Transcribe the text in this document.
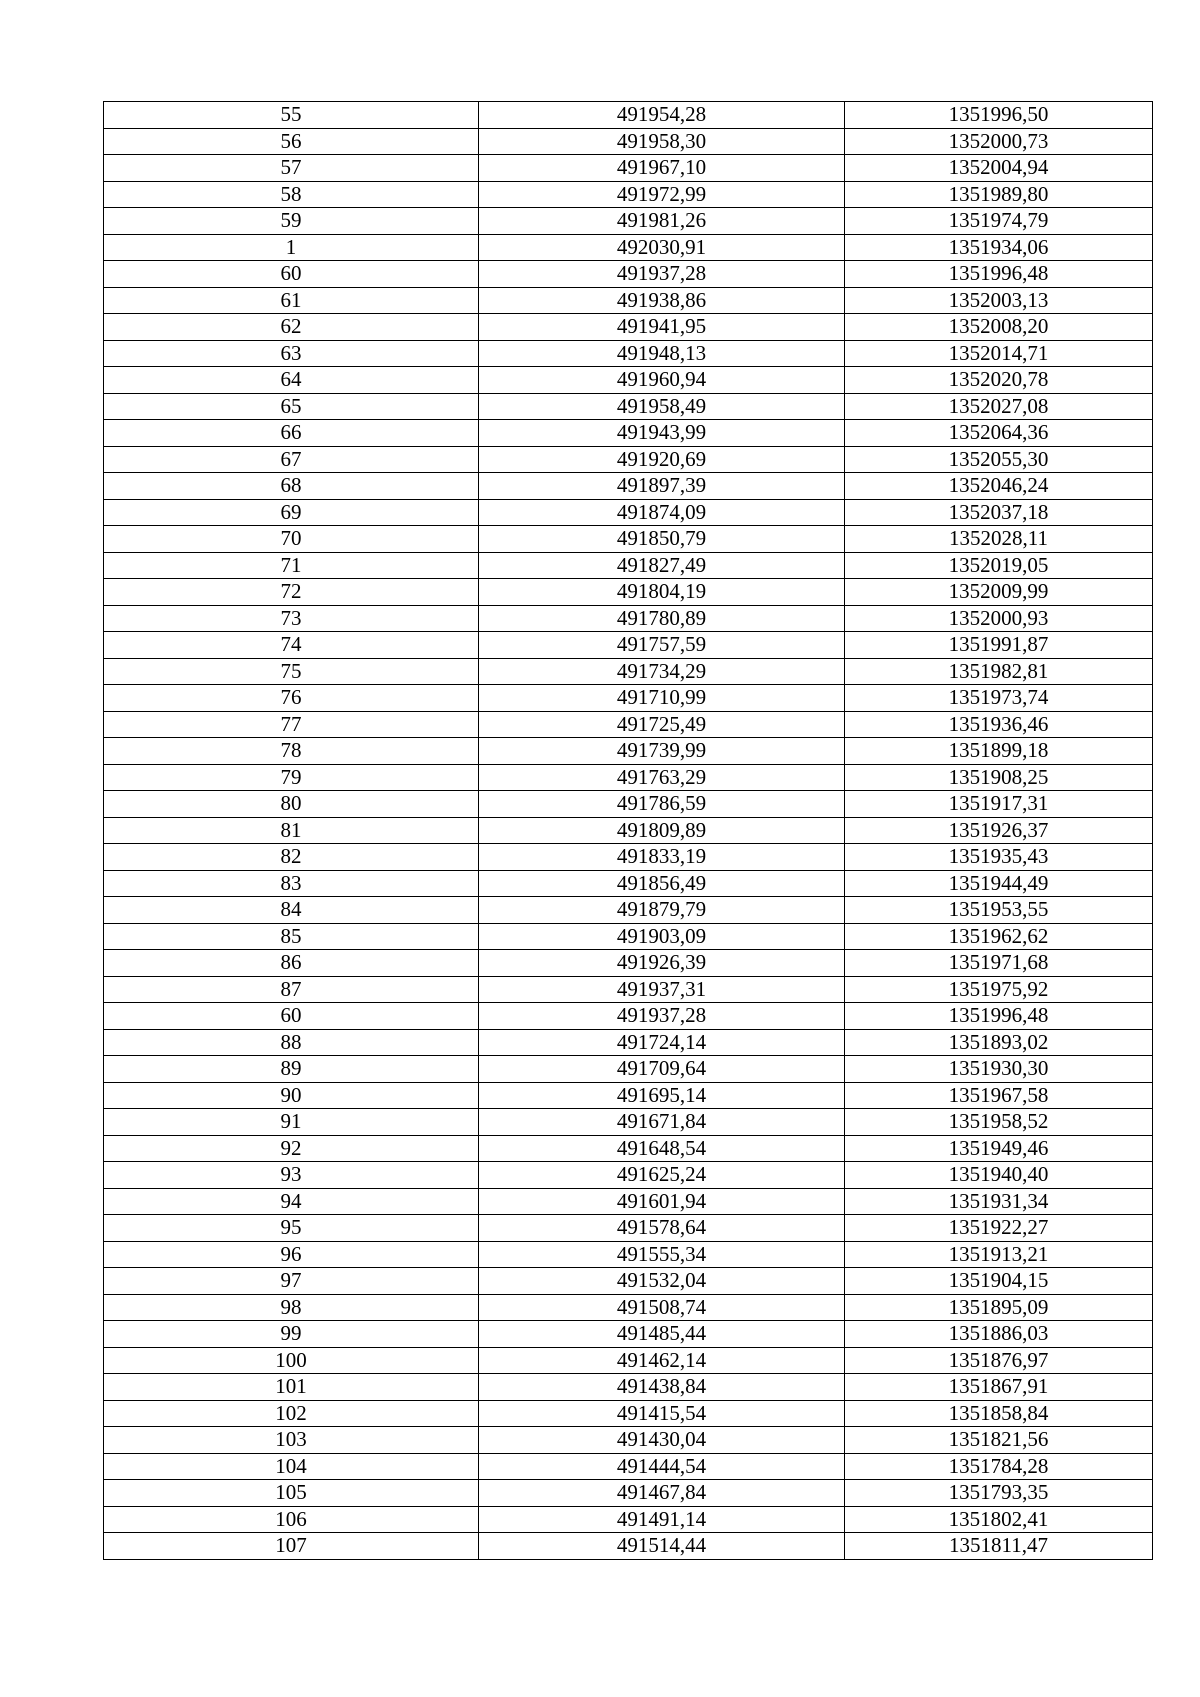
55	491954,28	1351996,50
56	491958,30	1352000,73
57	491967,10	1352004,94
58	491972,99	1351989,80
59	491981,26	1351974,79
1	492030,91	1351934,06
60	491937,28	1351996,48
61	491938,86	1352003,13
62	491941,95	1352008,20
63	491948,13	1352014,71
64	491960,94	1352020,78
65	491958,49	1352027,08
66	491943,99	1352064,36
67	491920,69	1352055,30
68	491897,39	1352046,24
69	491874,09	1352037,18
70	491850,79	1352028,11
71	491827,49	1352019,05
72	491804,19	1352009,99
73	491780,89	1352000,93
74	491757,59	1351991,87
75	491734,29	1351982,81
76	491710,99	1351973,74
77	491725,49	1351936,46
78	491739,99	1351899,18
79	491763,29	1351908,25
80	491786,59	1351917,31
81	491809,89	1351926,37
82	491833,19	1351935,43
83	491856,49	1351944,49
84	491879,79	1351953,55
85	491903,09	1351962,62
86	491926,39	1351971,68
87	491937,31	1351975,92
60	491937,28	1351996,48
88	491724,14	1351893,02
89	491709,64	1351930,30
90	491695,14	1351967,58
91	491671,84	1351958,52
92	491648,54	1351949,46
93	491625,24	1351940,40
94	491601,94	1351931,34
95	491578,64	1351922,27
96	491555,34	1351913,21
97	491532,04	1351904,15
98	491508,74	1351895,09
99	491485,44	1351886,03
100	491462,14	1351876,97
101	491438,84	1351867,91
102	491415,54	1351858,84
103	491430,04	1351821,56
104	491444,54	1351784,28
105	491467,84	1351793,35
106	491491,14	1351802,41
107	491514,44	1351811,47
